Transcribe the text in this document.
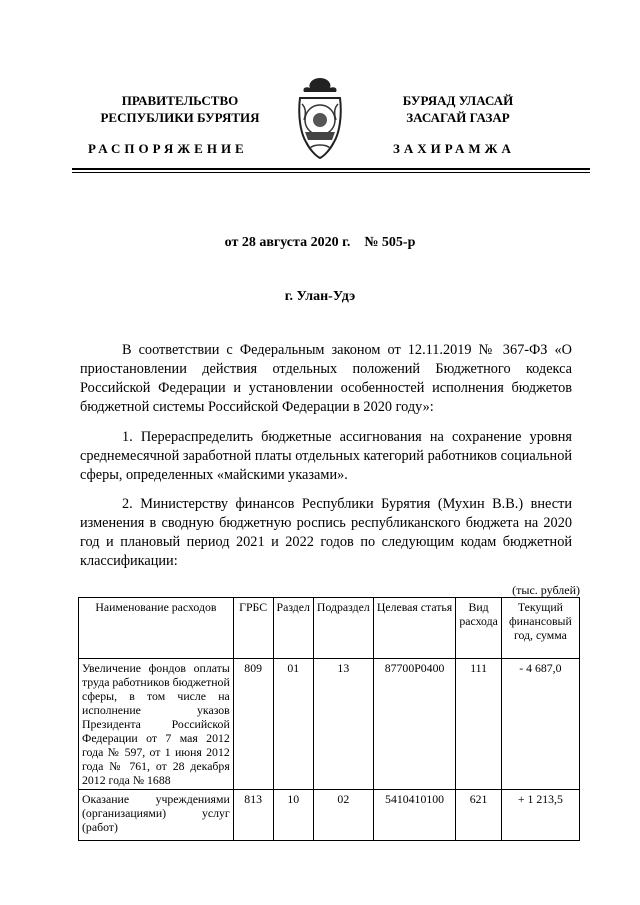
ПРАВИТЕЛЬСТВО
РЕСПУБЛИКИ БУРЯТИЯ
РАСПОРЯЖЕНИЕ
БУРЯАД УЛАСАЙ
ЗАСАГАЙ ГАЗАР
ЗАХИРАМЖА
от 28 августа 2020 г.    № 505-р
г. Улан-Удэ
В соответствии с Федеральным законом от 12.11.2019 № 367-ФЗ «О приостановлении действия отдельных положений Бюджетного кодекса Российской Федерации и установлении особенностей исполнения бюджетов бюджетной системы Российской Федерации в 2020 году»:
1. Перераспределить бюджетные ассигнования на сохранение уровня среднемесячной заработной платы отдельных категорий работников социальной сферы, определенных «майскими указами».
2. Министерству финансов Республики Бурятия (Мухин В.В.) внести изменения в сводную бюджетную роспись республиканского бюджета на 2020 год и плановый период 2021 и 2022 годов по следующим кодам бюджетной классификации:
(тыс. рублей)
Наименование расходов	ГРБС	Раздел	Подраздел	Целевая статья	Вид расхода	Текущий финансовый год, сумма
Увеличение фондов оплаты труда работников бюджетной сферы, в том числе на исполнение указов Президента Российской Федерации от 7 мая 2012 года № 597, от 1 июня 2012 года № 761, от 28 декабря 2012 года № 1688	809	01	13	87700Р0400	111	- 4 687,0
Оказание учреждениями (организациями) услуг (работ)	813	10	02	5410410100	621	+ 1 213,5
